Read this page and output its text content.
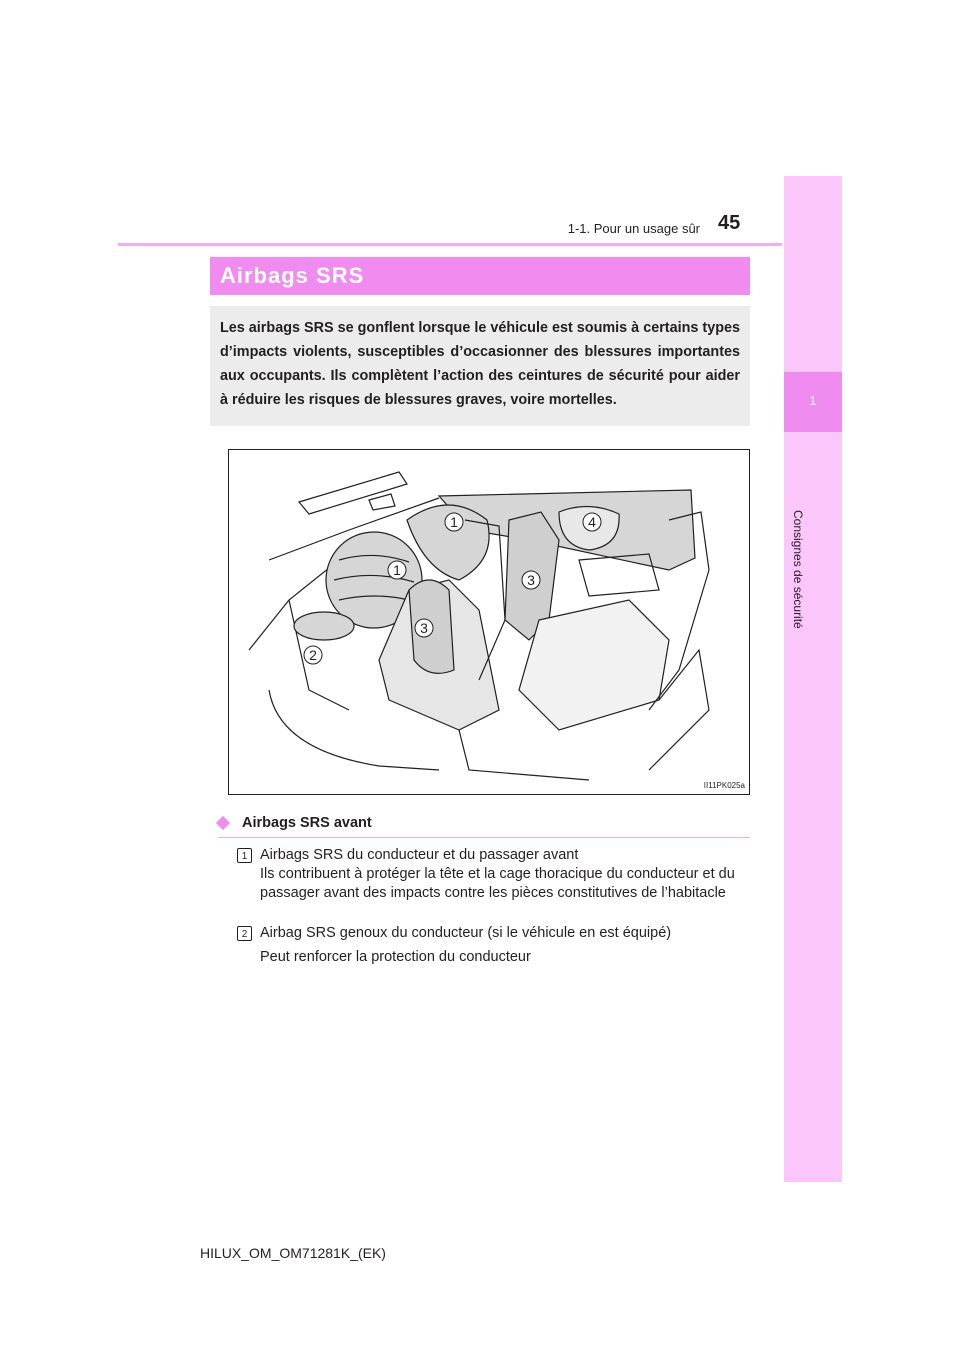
1
Consignes de sécurité
1-1. Pour un usage sûr 45
Airbags SRS

Les airbags SRS se gonflent lorsque le véhicule est soumis à certains types d’impacts violents, susceptibles d’occasionner des blessures importantes aux occupants. Ils complètent l’action des ceintures de sécurité pour aider à réduire les risques de blessures graves, voire mortelles.

1
1
2
3
3
4
II11PK025a
Airbags SRS avant
1 Airbags SRS du conducteur et du passager avant
Ils contribuent à protéger la tête et la cage thoracique du conducteur et du passager avant des impacts contre les pièces constitutives de l’habitacle
2 Airbag SRS genoux du conducteur (si le véhicule en est équipé)
Peut renforcer la protection du conducteur
HILUX_OM_OM71281K_(EK)
